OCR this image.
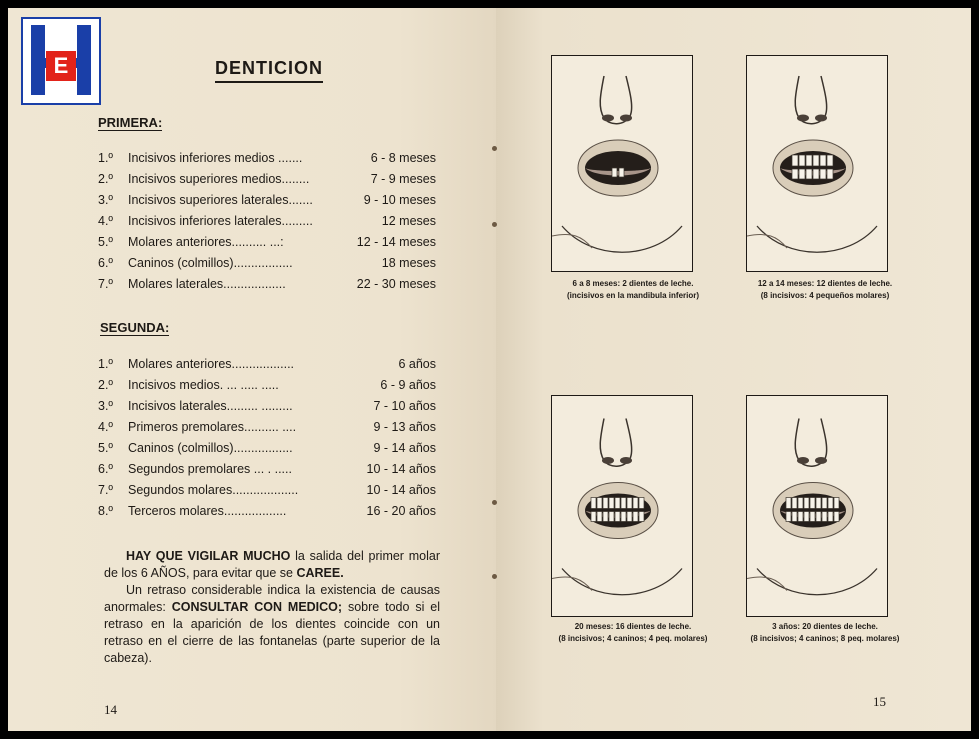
E	DENTICION
PRIMERA:
1.º Incisivos inferiores medios .......	6 - 8 meses
2.º Incisivos superiores medios........	7 - 9 meses
3.º Incisivos superiores laterales.......	9 - 10 meses
4.º Incisivos inferiores laterales.........	12 meses
5.º Molares anteriores.......... ...:	12 - 14 meses
6.º Caninos (colmillos).................	18 meses
7.º Molares laterales..................	22 - 30 meses
SEGUNDA:
1.º Molares anteriores..................	6 años
2.º Incisivos medios. ... ..... .....	6 - 9 años
3.º Incisivos laterales......... .........	7 - 10 años
4.º Primeros premolares.......... ....	9 - 13 años
5.º Caninos (colmillos).................	9 - 14 años
6.º Segundos premolares ... . .....	10 - 14 años
7.º Segundos molares...................	10 - 14 años
8.º Terceros molares..................	16 - 20 años

HAY QUE VIGILAR MUCHO la salida del primer molar de los 6 AÑOS, para evitar que se CAREE.

Un retraso considerable indica la existencia de causas anormales: CONSULTAR CON MEDICO; sobre todo si el retraso en la aparición de los dientes coincide con un retraso en el cierre de las fontanelas (parte superior de la cabeza).

14
6 a 8 meses: 2 dientes de leche.
(incisivos en la mandibula inferior)
12 a 14 meses: 12 dientes de leche.
(8 incisivos: 4 pequeños molares)
20 meses: 16 dientes de leche.
(8 incisivos; 4 caninos; 4 peq. molares)
3 años: 20 dientes de leche.
(8 incisivos; 4 caninos; 8 peq. molares)
15
